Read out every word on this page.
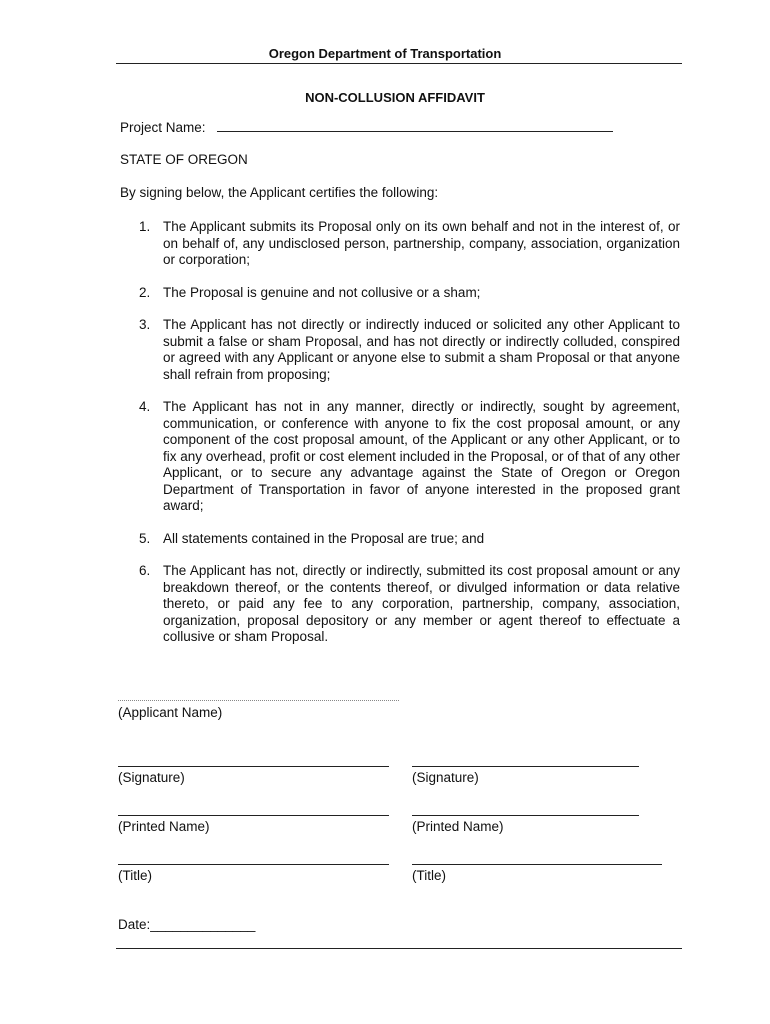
Oregon Department of Transportation
NON-COLLUSION AFFIDAVIT
Project Name:
STATE OF OREGON
By signing below, the Applicant certifies the following:
1. The Applicant submits its Proposal only on its own behalf and not in the interest of, or on behalf of, any undisclosed person, partnership, company, association, organization or corporation;
2. The Proposal is genuine and not collusive or a sham;
3. The Applicant has not directly or indirectly induced or solicited any other Applicant to submit a false or sham Proposal, and has not directly or indirectly colluded, conspired or agreed with any Applicant or anyone else to submit a sham Proposal or that anyone shall refrain from proposing;
4. The Applicant has not in any manner, directly or indirectly, sought by agreement, communication, or conference with anyone to fix the cost proposal amount, or any component of the cost proposal amount, of the Applicant or any other Applicant, or to fix any overhead, profit or cost element included in the Proposal, or of that of any other Applicant, or to secure any advantage against the State of Oregon or Oregon Department of Transportation in favor of anyone interested in the proposed grant award;
5. All statements contained in the Proposal are true; and
6. The Applicant has not, directly or indirectly, submitted its cost proposal amount or any breakdown thereof, or the contents thereof, or divulged information or data relative thereto, or paid any fee to any corporation, partnership, company, association, organization, proposal depository or any member or agent thereof to effectuate a collusive or sham Proposal.
(Applicant Name)
(Signature)	(Signature)
(Printed Name)	(Printed Name)
(Title)	(Title)
Date:______________
